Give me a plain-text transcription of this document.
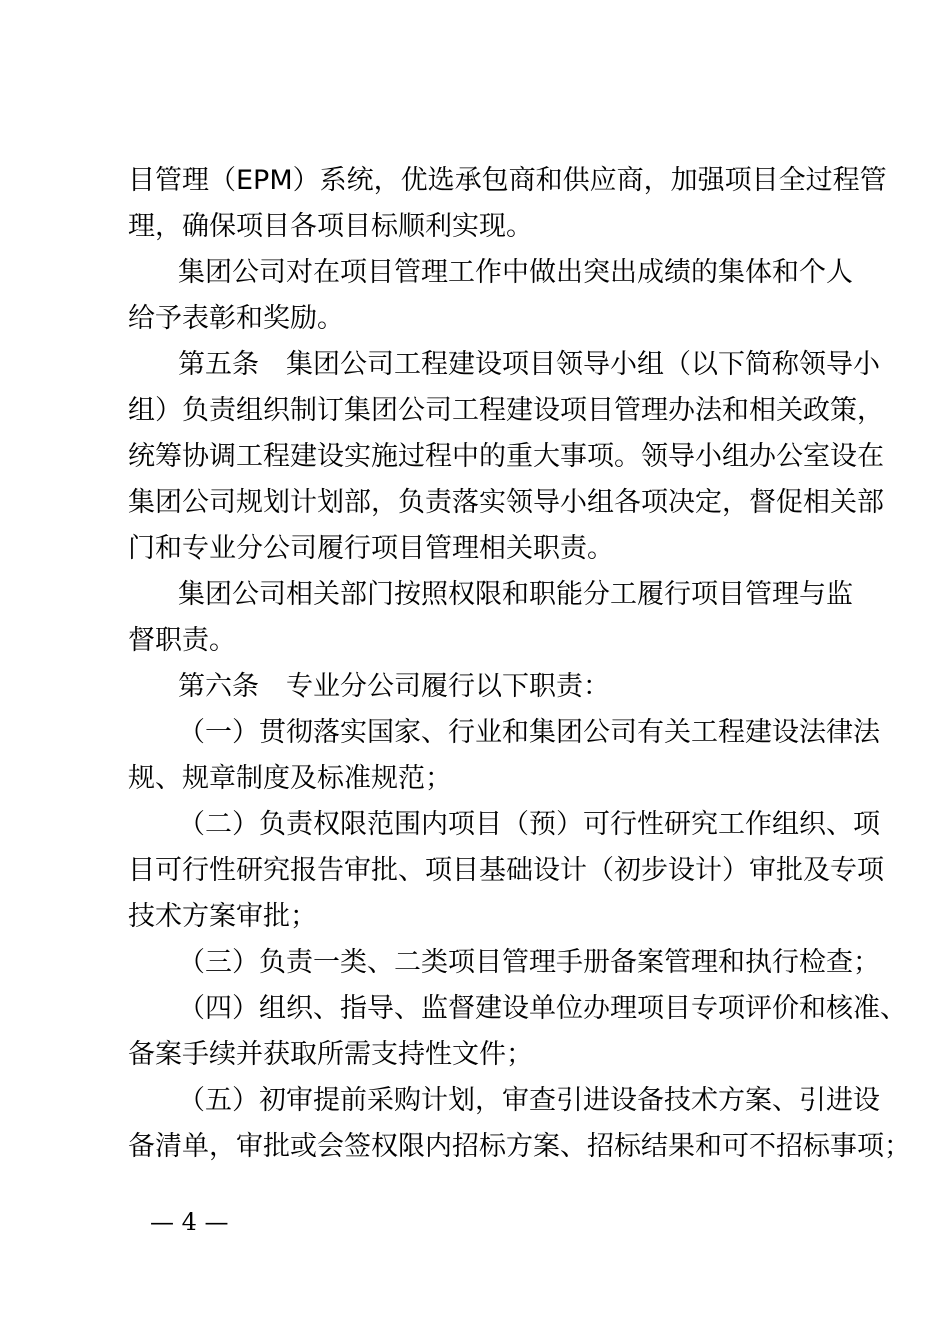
目管理（EPM）系统，优选承包商和供应商，加强项目全过程管
理，确保项目各项目标顺利实现。
集团公司对在项目管理工作中做出突出成绩的集体和个人
给予表彰和奖励。
第五条　集团公司工程建设项目领导小组（以下简称领导小
组）负责组织制订集团公司工程建设项目管理办法和相关政策，
统筹协调工程建设实施过程中的重大事项。领导小组办公室设在
集团公司规划计划部，负责落实领导小组各项决定，督促相关部
门和专业分公司履行项目管理相关职责。
集团公司相关部门按照权限和职能分工履行项目管理与监
督职责。
第六条　专业分公司履行以下职责：
（一）贯彻落实国家、行业和集团公司有关工程建设法律法
规、规章制度及标准规范；
（二）负责权限范围内项目（预）可行性研究工作组织、项
目可行性研究报告审批、项目基础设计（初步设计）审批及专项
技术方案审批；
（三）负责一类、二类项目管理手册备案管理和执行检查；
（四）组织、指导、监督建设单位办理项目专项评价和核准、
备案手续并获取所需支持性文件；
（五）初审提前采购计划，审查引进设备技术方案、引进设
备清单，审批或会签权限内招标方案、招标结果和可不招标事项；
— 4 —
